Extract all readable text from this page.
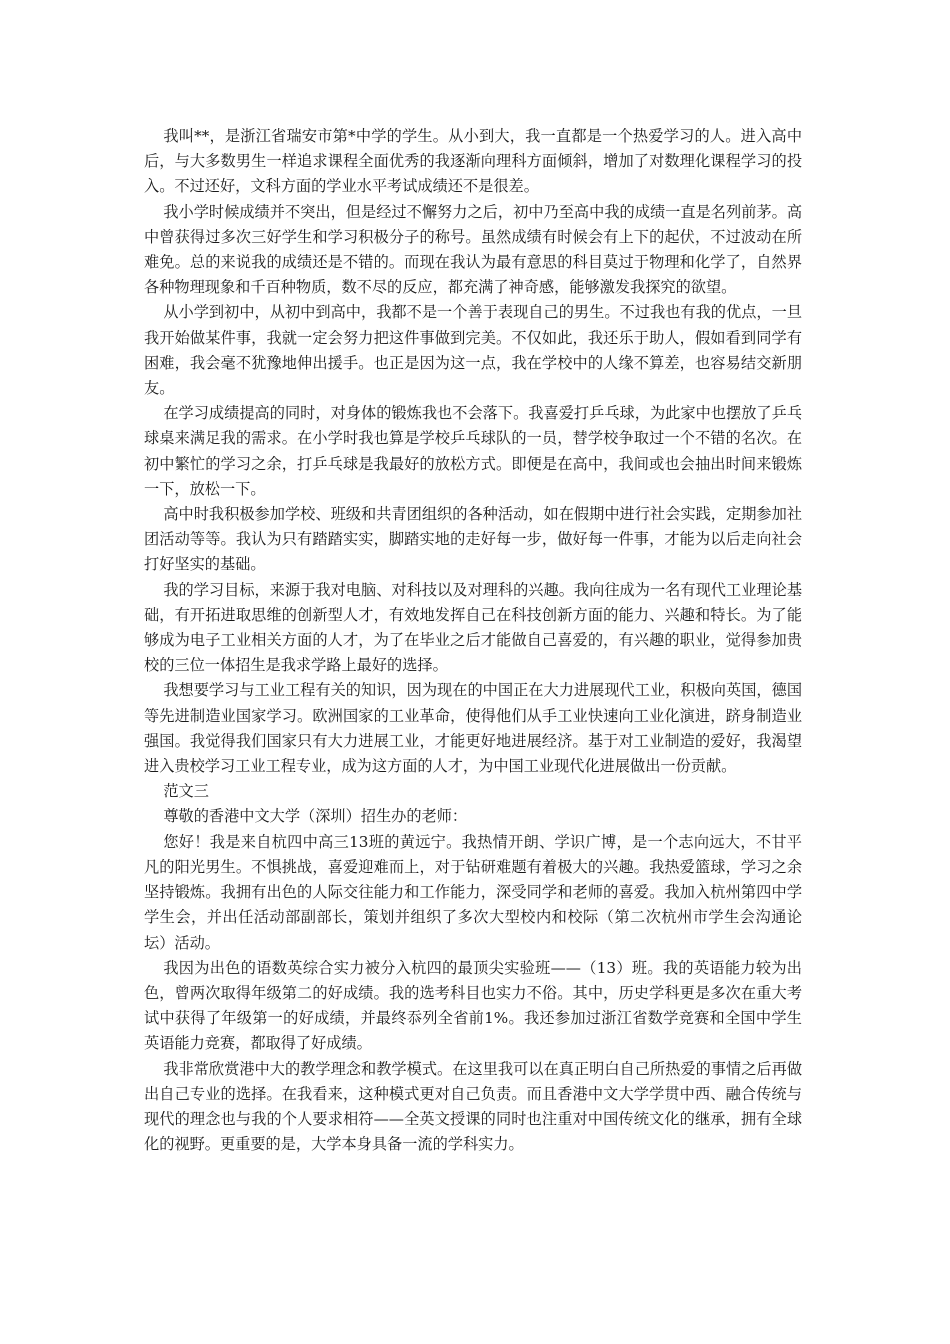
我叫**，是浙江省瑞安市第*中学的学生。从小到大，我一直都是一个热爱学习的人。进入高中后，与大多数男生一样追求课程全面优秀的我逐渐向理科方面倾斜，增加了对数理化课程学习的投入。不过还好，文科方面的学业水平考试成绩还不是很差。

我小学时候成绩并不突出，但是经过不懈努力之后，初中乃至高中我的成绩一直是名列前茅。高中曾获得过多次三好学生和学习积极分子的称号。虽然成绩有时候会有上下的起伏，不过波动在所难免。总的来说我的成绩还是不错的。而现在我认为最有意思的科目莫过于物理和化学了，自然界各种物理现象和千百种物质，数不尽的反应，都充满了神奇感，能够激发我探究的欲望。

从小学到初中，从初中到高中，我都不是一个善于表现自己的男生。不过我也有我的优点，一旦我开始做某件事，我就一定会努力把这件事做到完美。不仅如此，我还乐于助人，假如看到同学有困难，我会毫不犹豫地伸出援手。也正是因为这一点，我在学校中的人缘不算差，也容易结交新朋友。

在学习成绩提高的同时，对身体的锻炼我也不会落下。我喜爱打乒乓球，为此家中也摆放了乒乓球桌来满足我的需求。在小学时我也算是学校乒乓球队的一员，替学校争取过一个不错的名次。在初中繁忙的学习之余，打乒乓球是我最好的放松方式。即便是在高中，我间或也会抽出时间来锻炼一下，放松一下。

高中时我积极参加学校、班级和共青团组织的各种活动，如在假期中进行社会实践，定期参加社团活动等等。我认为只有踏踏实实，脚踏实地的走好每一步，做好每一件事，才能为以后走向社会打好坚实的基础。

我的学习目标，来源于我对电脑、对科技以及对理科的兴趣。我向往成为一名有现代工业理论基础，有开拓进取思维的创新型人才，有效地发挥自己在科技创新方面的能力、兴趣和特长。为了能够成为电子工业相关方面的人才，为了在毕业之后才能做自己喜爱的，有兴趣的职业，觉得参加贵校的三位一体招生是我求学路上最好的选择。

我想要学习与工业工程有关的知识，因为现在的中国正在大力进展现代工业，积极向英国，德国等先进制造业国家学习。欧洲国家的工业革命，使得他们从手工业快速向工业化演进，跻身制造业强国。我觉得我们国家只有大力进展工业，才能更好地进展经济。基于对工业制造的爱好，我渴望进入贵校学习工业工程专业，成为这方面的人才，为中国工业现代化进展做出一份贡献。

范文三

尊敬的香港中文大学（深圳）招生办的老师：

您好！我是来自杭四中高三13班的黄远宁。我热情开朗、学识广博，是一个志向远大，不甘平凡的阳光男生。不惧挑战，喜爱迎难而上，对于钻研难题有着极大的兴趣。我热爱篮球，学习之余坚持锻炼。我拥有出色的人际交往能力和工作能力，深受同学和老师的喜爱。我加入杭州第四中学学生会，并出任活动部副部长，策划并组织了多次大型校内和校际（第二次杭州市学生会沟通论坛）活动。

我因为出色的语数英综合实力被分入杭四的最顶尖实验班——（13）班。我的英语能力较为出色，曾两次取得年级第二的好成绩。我的选考科目也实力不俗。其中，历史学科更是多次在重大考试中获得了年级第一的好成绩，并最终忝列全省前1%。我还参加过浙江省数学竞赛和全国中学生英语能力竞赛，都取得了好成绩。

我非常欣赏港中大的教学理念和教学模式。在这里我可以在真正明白自己所热爱的事情之后再做出自己专业的选择。在我看来，这种模式更对自己负责。而且香港中文大学学贯中西、融合传统与现代的理念也与我的个人要求相符——全英文授课的同时也注重对中国传统文化的继承，拥有全球化的视野。更重要的是，大学本身具备一流的学科实力。
